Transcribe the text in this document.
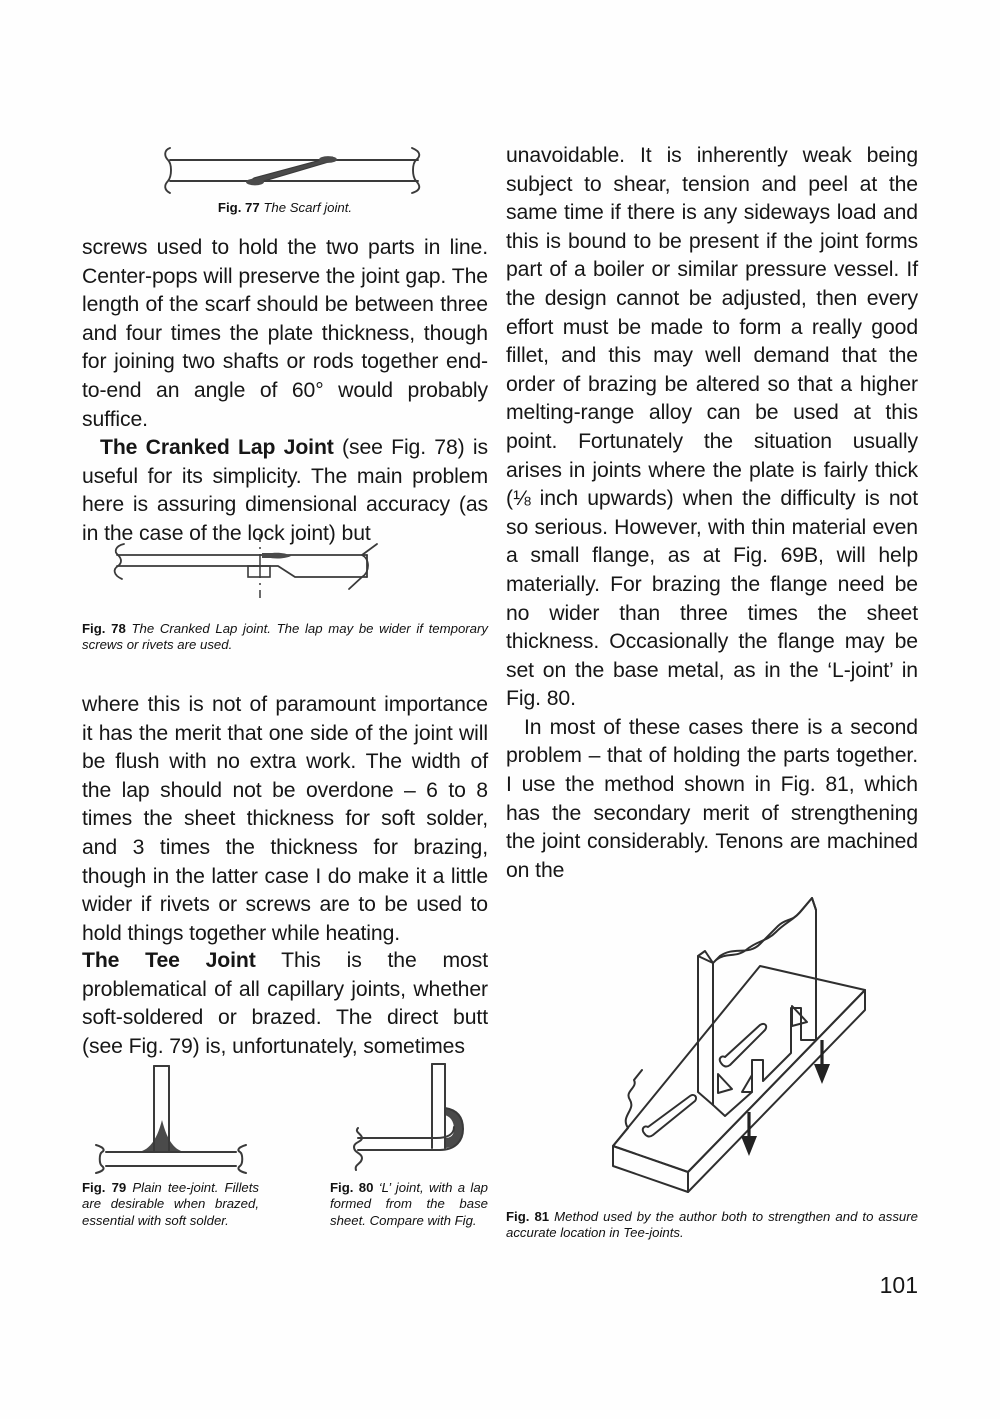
Fig. 77 The Scarf joint.

screws used to hold the two parts in line. Center-pops will preserve the joint gap. The length of the scarf should be between three and four times the plate thickness, though for joining two shafts or rods together end-to-end an angle of 60° would probably suffice.

The Cranked Lap Joint (see Fig. 78) is useful for its simplicity. The main problem here is assuring dimensional accuracy (as in the case of the lock joint) but

Fig. 78 The Cranked Lap joint. The lap may be wider if temporary screws or rivets are used.

where this is not of paramount importance it has the merit that one side of the joint will be flush with no extra work. The width of the lap should not be overdone – 6 to 8 times the sheet thickness for soft solder, and 3 times the thickness for brazing, though in the latter case I do make it a little wider if rivets or screws are to be used to hold things together while heating.

The Tee Joint This is the most problematical of all capillary joints, whether soft-soldered or brazed. The direct butt (see Fig. 79) is, unfortunately, sometimes

Fig. 79 Plain tee-joint. Fillets are desirable when brazed, essential with soft solder.

Fig. 80 ‘L’ joint, with a lap formed from the base sheet. Compare with Fig.

unavoidable. It is inherently weak being subject to shear, tension and peel at the same time if there is any sideways load and this is bound to be present if the joint forms part of a boiler or similar pressure vessel. If the design cannot be adjusted, then every effort must be made to form a really good fillet, and this may well demand that the order of brazing be altered so that a higher melting-range alloy can be used at this point. Fortunately the situation usually arises in joints where the plate is fairly thick (⅛ inch upwards) when the difficulty is not so serious. However, with thin material even a small flange, as at Fig. 69B, will help materially. For brazing the flange need be no wider than three times the sheet thickness. Occasionally the flange may be set on the base metal, as in the ‘L-joint’ in Fig. 80.

In most of these cases there is a second problem – that of holding the parts together. I use the method shown in Fig. 81, which has the secondary merit of strengthening the joint considerably. Tenons are machined on the

Fig. 81 Method used by the author both to strengthen and to assure accurate location in Tee-joints.

101
